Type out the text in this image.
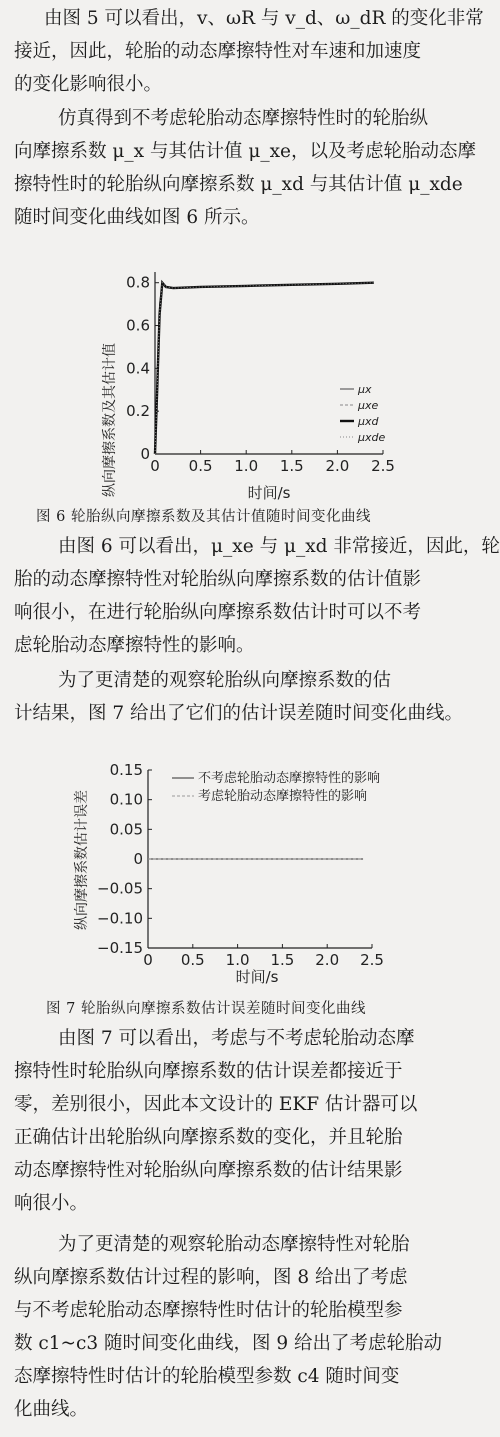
由图 5 可以看出，v、ωR 与 v_d、ω_dR 的变化非常
接近，因此，轮胎的动态摩擦特性对车速和加速度
的变化影响很小。
仿真得到不考虑轮胎动态摩擦特性时的轮胎纵
向摩擦系数 μ_x 与其估计值 μ_xe，以及考虑轮胎动态摩
擦特性时的轮胎纵向摩擦系数 μ_xd 与其估计值 μ_xde
随时间变化曲线如图 6 所示。
纵向摩擦系数及其估计值 0 0.5 1.0 1.5 2.0 2.5
0
0.2
0.4
0.6
0.8
μx
μxe
μxd
μxde
时间/s
图 6 轮胎纵向摩擦系数及其估计值随时间变化曲线
由图 6 可以看出，μ_xe 与 μ_xd 非常接近，因此，轮
胎的动态摩擦特性对轮胎纵向摩擦系数的估计值影
响很小，在进行轮胎纵向摩擦系数估计时可以不考
虑轮胎动态摩擦特性的影响。
为了更清楚的观察轮胎纵向摩擦系数的估
计结果，图 7 给出了它们的估计误差随时间变化曲线。
纵向摩擦系数估计误差
0 0.5 1.0 1.5 2.0 2.5
0.15
0.10
0.05
0
−0.05
−0.10
−0.15
不考虑轮胎动态摩擦特性的影响
考虑轮胎动态摩擦特性的影响
时间/s
图 7 轮胎纵向摩擦系数估计误差随时间变化曲线
由图 7 可以看出，考虑与不考虑轮胎动态摩
擦特性时轮胎纵向摩擦系数的估计误差都接近于
零，差别很小，因此本文设计的 EKF 估计器可以
正确估计出轮胎纵向摩擦系数的变化，并且轮胎
动态摩擦特性对轮胎纵向摩擦系数的估计结果影
响很小。
为了更清楚的观察轮胎动态摩擦特性对轮胎
纵向摩擦系数估计过程的影响，图 8 给出了考虑
与不考虑轮胎动态摩擦特性时估计的轮胎模型参
数 c1~c3 随时间变化曲线，图 9 给出了考虑轮胎动
态摩擦特性时估计的轮胎模型参数 c4 随时间变
化曲线。
